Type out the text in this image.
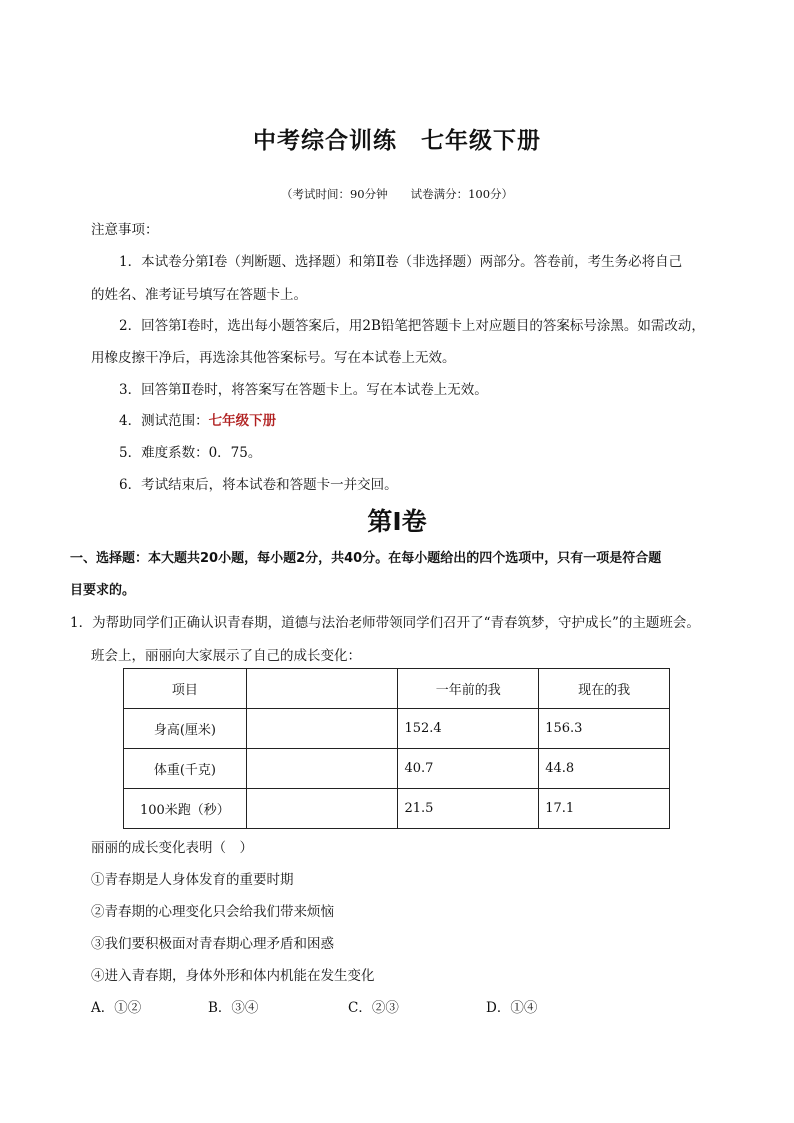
中考综合训练　七年级下册
（考试时间：90分钟　　试卷满分：100分）
注意事项：
1．本试卷分第Ⅰ卷（判断题、选择题）和第Ⅱ卷（非选择题）两部分。答卷前，考生务必将自己
的姓名、准考证号填写在答题卡上。
2．回答第Ⅰ卷时，选出每小题答案后，用2B铅笔把答题卡上对应题目的答案标号涂黑。如需改动，
用橡皮擦干净后，再选涂其他答案标号。写在本试卷上无效。
3．回答第Ⅱ卷时，将答案写在答题卡上。写在本试卷上无效。
4．测试范围：七年级下册
5．难度系数：0．75。
6．考试结束后，将本试卷和答题卡一并交回。
第Ⅰ卷
一、选择题：本大题共20小题，每小题2分，共40分。在每小题给出的四个选项中，只有一项是符合题
目要求的。
1．为帮助同学们正确认识青春期，道德与法治老师带领同学们召开了“青春筑梦，守护成长”的主题班会。
班会上，丽丽向大家展示了自己的成长变化：
项目		一年前的我	现在的我
身高(厘米)		152.4	156.3
体重(千克)		40.7	44.8
100米跑（秒）		21.5	17.1
丽丽的成长变化表明（　）
①青春期是人身体发育的重要时期
②青春期的心理变化只会给我们带来烦恼
③我们要积极面对青春期心理矛盾和困惑
④进入青春期，身体外形和体内机能在发生变化
A．①②	B．③④	C．②③	D．①④
